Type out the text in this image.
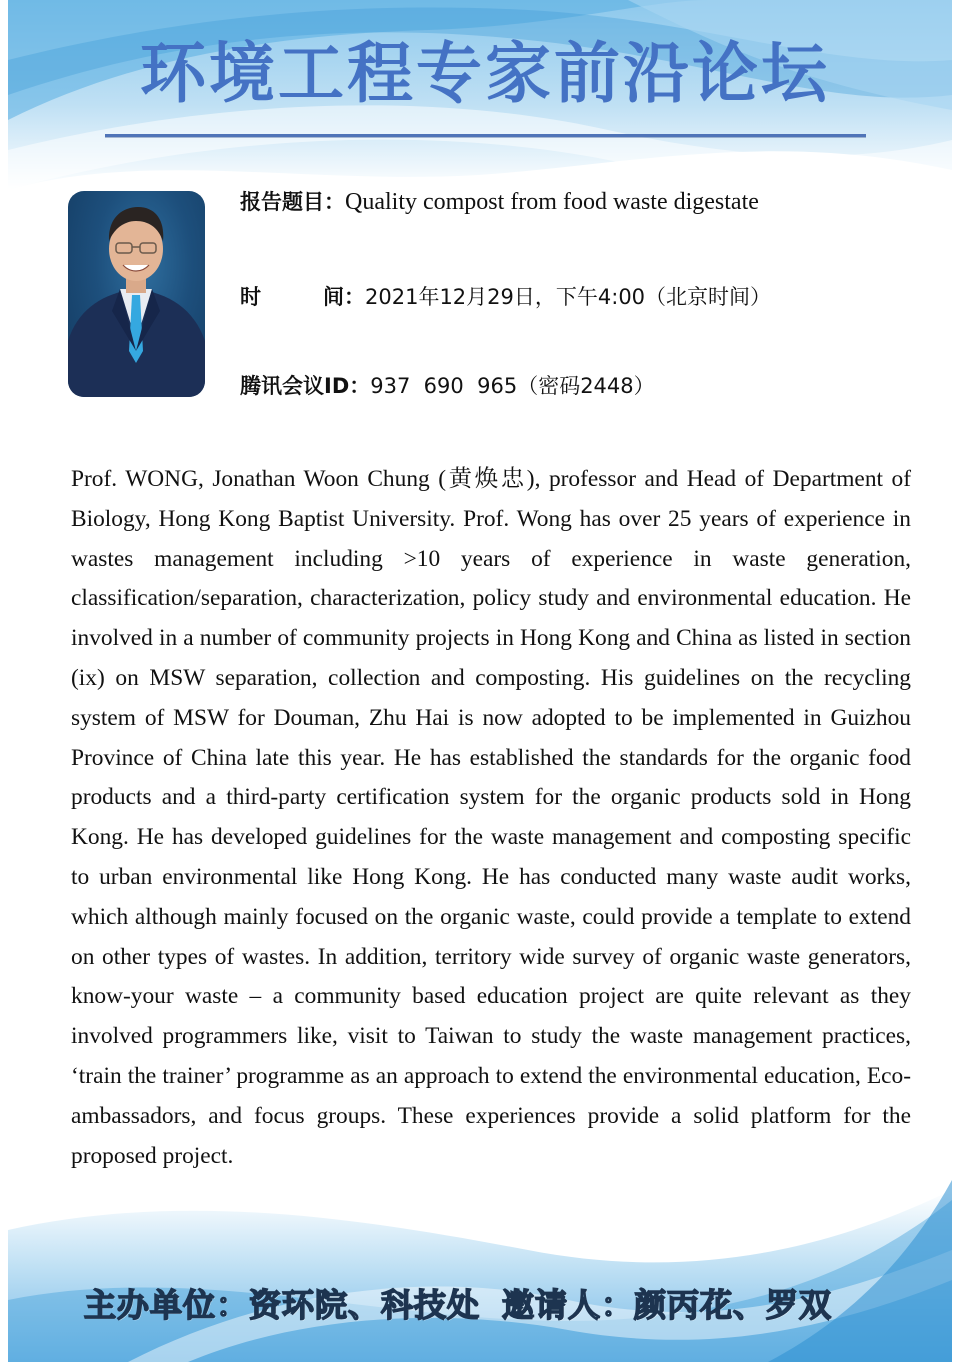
环境工程专家前沿论坛
报告题目：Quality compost from food waste digestate
时	间： 2021年12月29日，下午4:00（北京时间）
腾讯会议ID：937  690  965（密码2448）

Prof. WONG, Jonathan Woon Chung (黄焕忠), professor and Head of Department of Biology, Hong Kong Baptist University. Prof. Wong has over 25 years of experience in wastes management including >10 years of experience in waste generation, classification/separation, characterization, policy study and environmental education. He involved in a number of community projects in Hong Kong and China as listed in section (ix) on MSW separation, collection and composting. His guidelines on the recycling system of MSW for Douman, Zhu Hai is now adopted to be implemented in Guizhou Province of China late this year. He has established the standards for the organic food products and a third-party certification system for the organic products sold in Hong Kong. He has developed guidelines for the waste management and composting specific to urban environmental like Hong Kong. He has conducted many waste audit works, which although mainly focused on the organic waste, could provide a template to extend on other types of wastes. In addition, territory wide survey of organic waste generators, know-your waste – a community based education project are quite relevant as they involved programmers like, visit to Taiwan to study the waste management practices, ‘train the trainer’ programme as an approach to extend the environmental education, Eco-ambassadors, and focus groups. These experiences provide a solid platform for the proposed project.

主办单位：资环院、科技处 邀请人：颜丙花、罗双
